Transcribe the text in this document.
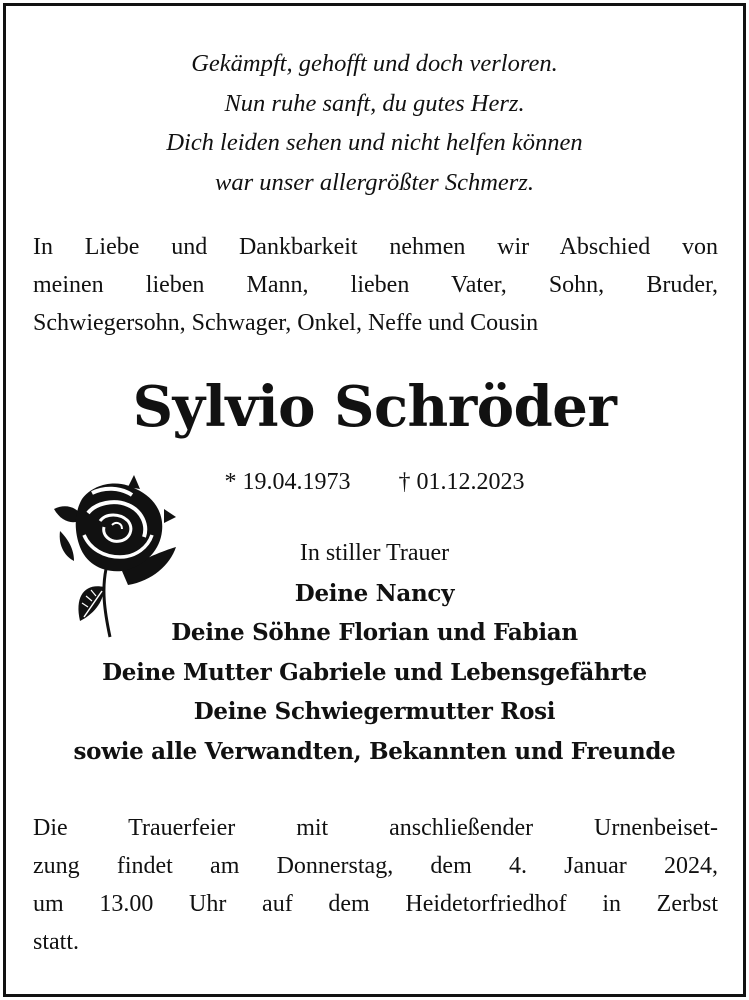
Gekämpft, gehofft und doch verloren.
Nun ruhe sanft, du gutes Herz.
Dich leiden sehen und nicht helfen können
war unser allergrößter Schmerz.
In Liebe und Dankbarkeit nehmen wir Abschied von
meinen lieben Mann, lieben Vater, Sohn, Bruder,
Schwiegersohn, Schwager, Onkel, Neffe und Cousin
Sylvio Schröder
* 19.04.1973 † 01.12.2023
In stiller Trauer
Deine Nancy
Deine Söhne Florian und Fabian
Deine Mutter Gabriele und Lebensgefährte
Deine Schwiegermutter Rosi
sowie alle Verwandten, Bekannten und Freunde
Die Trauerfeier mit anschließender Urnenbeiset-
zung findet am Donnerstag, dem 4. Januar 2024,
um 13.00 Uhr auf dem Heidetorfriedhof in Zerbst
statt.
